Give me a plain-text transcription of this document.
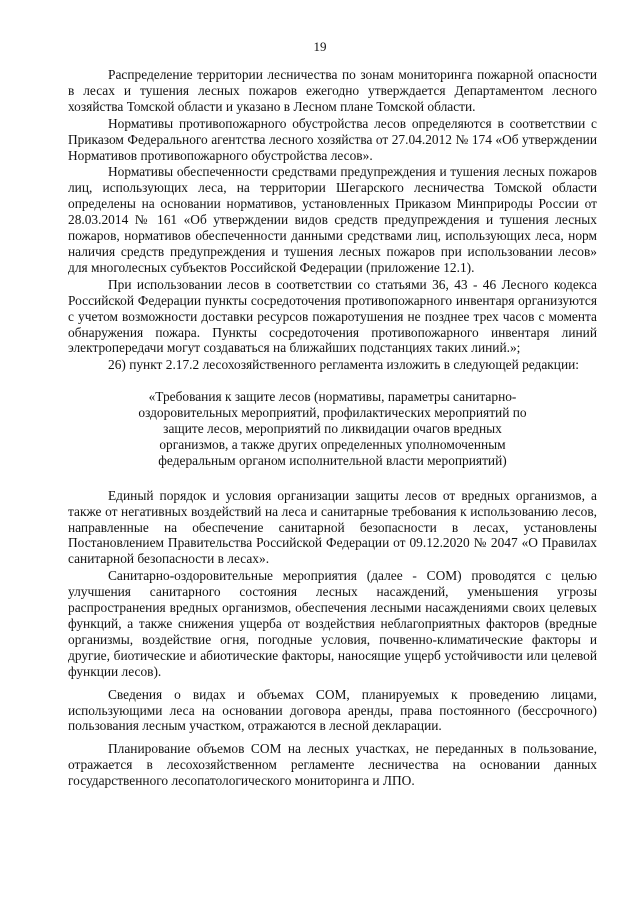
19

Распределение территории лесничества по зонам мониторинга пожарной опасности в лесах и тушения лесных пожаров ежегодно утверждается Департаментом лесного хозяйства Томской области и указано в Лесном плане Томской области.

Нормативы противопожарного обустройства лесов определяются в соответствии с Приказом Федерального агентства лесного хозяйства от 27.04.2012 № 174 «Об утверждении Нормативов противопожарного обустройства лесов».

Нормативы обеспеченности средствами предупреждения и тушения лесных пожаров лиц, использующих леса, на территории Шегарского лесничества Томской области определены на основании нормативов, установленных Приказом Минприроды России от 28.03.2014 № 161 «Об утверждении видов средств предупреждения и тушения лесных пожаров, нормативов обеспеченности данными средствами лиц, использующих леса, норм наличия средств предупреждения и тушения лесных пожаров при использовании лесов» для многолесных субъектов Российской Федерации (приложение 12.1).

При использовании лесов в соответствии со статьями 36, 43 - 46 Лесного кодекса Российской Федерации пункты сосредоточения противопожарного инвентаря организуются с учетом возможности доставки ресурсов пожаротушения не позднее трех часов с момента обнаружения пожара. Пункты сосредоточения противопожарного инвентаря линий электропередачи могут создаваться на ближайших подстанциях таких линий.»;

26) пункт 2.17.2 лесохозяйственного регламента изложить в следующей редакции:

«Требования к защите лесов (нормативы, параметры санитарно-оздоровительных мероприятий, профилактических мероприятий по защите лесов, мероприятий по ликвидации очагов вредных организмов, а также других определенных уполномоченным федеральным органом исполнительной власти мероприятий)

Единый порядок и условия организации защиты лесов от вредных организмов, а также от негативных воздействий на леса и санитарные требования к использованию лесов, направленные на обеспечение санитарной безопасности в лесах, установлены Постановлением Правительства Российской Федерации от 09.12.2020 № 2047 «О Правилах санитарной безопасности в лесах».

Санитарно-оздоровительные мероприятия (далее - СОМ) проводятся с целью улучшения санитарного состояния лесных насаждений, уменьшения угрозы распространения вредных организмов, обеспечения лесными насаждениями своих целевых функций, а также снижения ущерба от воздействия неблагоприятных факторов (вредные организмы, воздействие огня, погодные условия, почвенно-климатические факторы и другие, биотические и абиотические факторы, наносящие ущерб устойчивости или целевой функции лесов).

Сведения о видах и объемах СОМ, планируемых к проведению лицами, использующими леса на основании договора аренды, права постоянного (бессрочного) пользования лесным участком, отражаются в лесной декларации.

Планирование объемов СОМ на лесных участках, не переданных в пользование, отражается в лесохозяйственном регламенте лесничества на основании данных государственного лесопатологического мониторинга и ЛПО.
